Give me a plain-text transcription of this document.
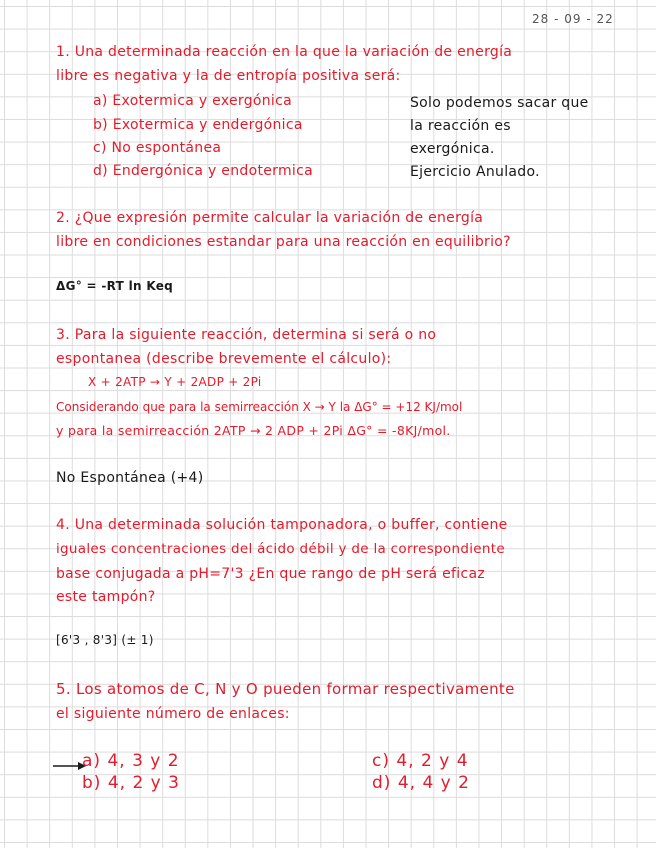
28 - 09 - 22
1. Una determinada reacción en la que la variación de energía
libre es negativa y la de entropía positiva será:
a) Exotermica y exergónica
b) Exotermica y endergónica
c) No espontánea
d) Endergónica y endotermica
Solo podemos sacar que
la reacción es
exergónica.
Ejercicio Anulado.
2. ¿Que expresión permite calcular la variación de energía
libre en condiciones estandar para una reacción en equilibrio?
ΔG° = -RT ln Keq
3. Para la siguiente reacción, determina si será o no
espontanea (describe brevemente el cálculo):
X + 2ATP → Y + 2ADP + 2Pi
Considerando que para la semirreacción X → Y la ΔG° = +12 KJ/mol
y para la semirreacción 2ATP → 2 ADP + 2Pi ΔG° = -8KJ/mol.
No Espontánea (+4)
4. Una determinada solución tamponadora, o buffer, contiene
iguales concentraciones del ácido débil y de la correspondiente
base conjugada a pH=7'3 ¿En que rango de pH será eficaz
este tampón?
[6'3 , 8'3] (± 1)
5. Los atomos de C, N y O pueden formar respectivamente
el siguiente número de enlaces:
a) 4, 3 y 2
b) 4, 2 y 3
c) 4, 2 y 4
d) 4, 4 y 2
